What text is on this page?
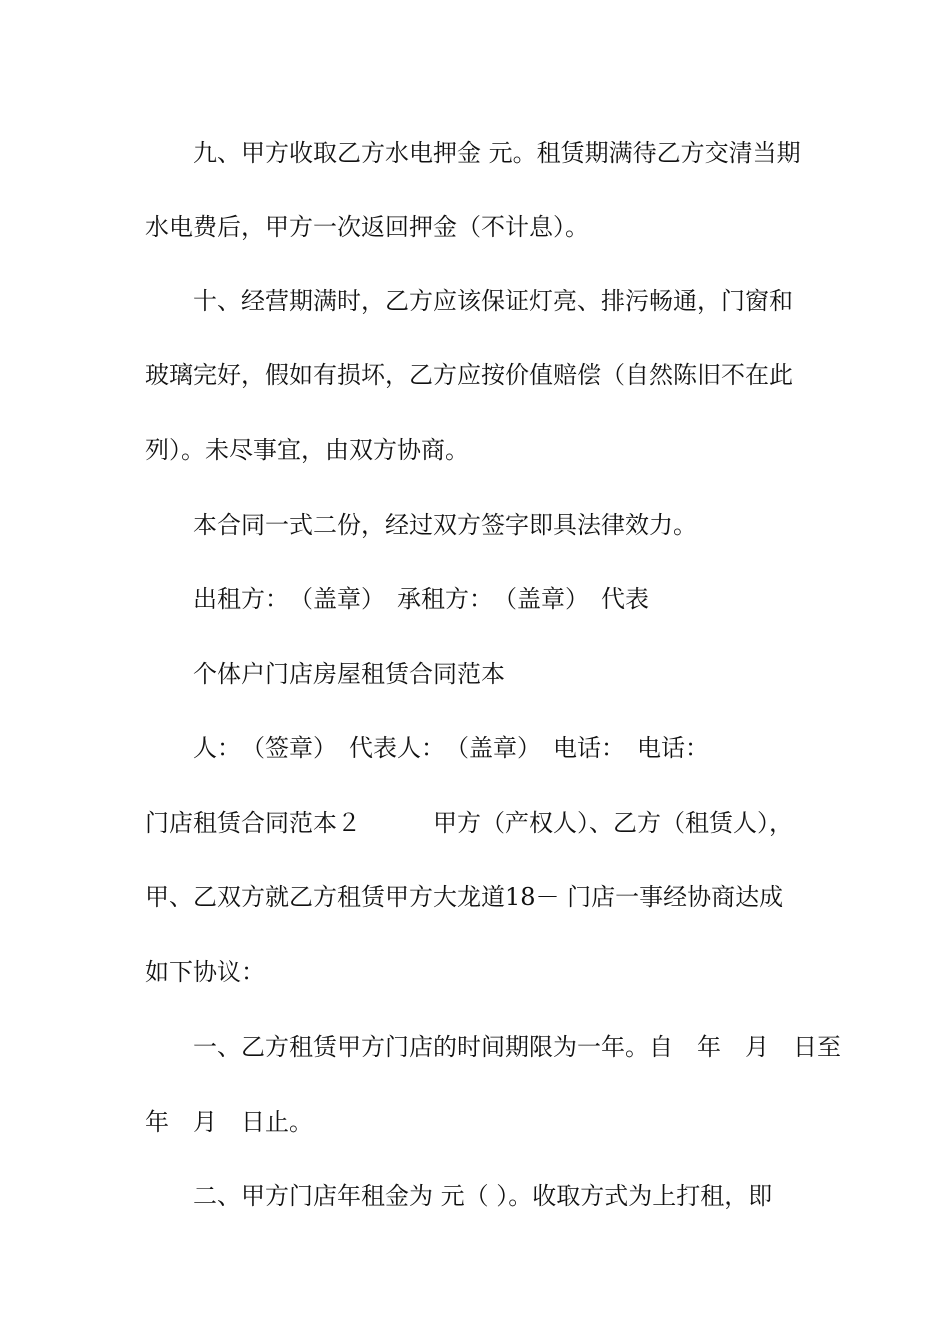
九、甲方收取乙方水电押金 元。租赁期满待乙方交清当期
水电费后，甲方一次返回押金（不计息）。
十、经营期满时，乙方应该保证灯亮、排污畅通，门窗和
玻璃完好，假如有损坏，乙方应按价值赔偿（自然陈旧不在此
列）。未尽事宜，由双方协商。
本合同一式二份，经过双方签字即具法律效力。
出租方：　（盖章）　承租方：　（盖章）　代表
个体户门店房屋租赁合同范本
人：　（签章）　代表人：　（盖章）　电话：　电话：
门店租赁合同范本２　　　甲方（产权人）、乙方（租赁人），
甲、乙双方就乙方租赁甲方大龙道18－ 门店一事经协商达成
如下协议：
一、乙方租赁甲方门店的时间期限为一年。自　年　月　日至
年　月　日止。
二、甲方门店年租金为 元（ ）。收取方式为上打租，即
